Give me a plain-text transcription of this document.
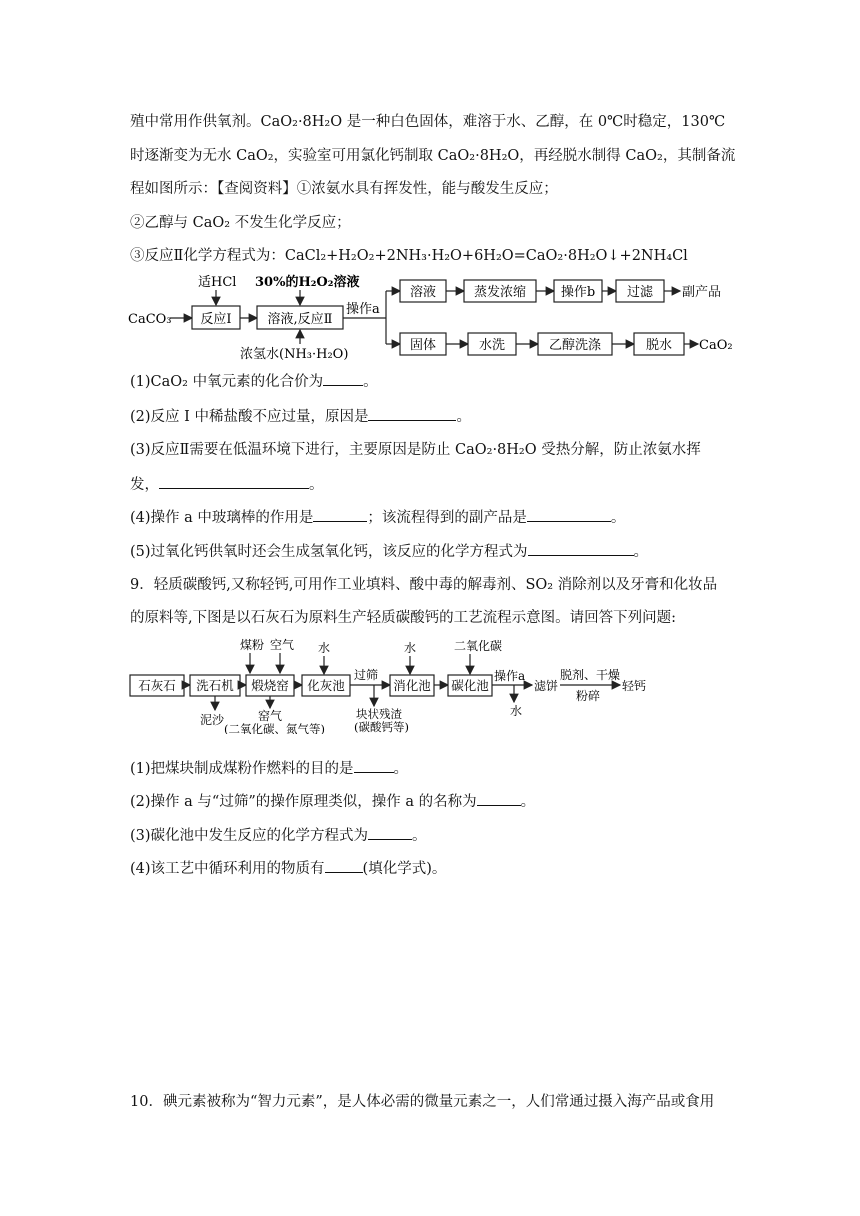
殖中常用作供氧剂。CaO₂·8H₂O 是一种白色固体，难溶于水、乙醇，在 0℃时稳定，130℃
时逐渐变为无水 CaO₂，实验室可用氯化钙制取 CaO₂·8H₂O，再经脱水制得 CaO₂，其制备流
程如图所示：【查阅资料】①浓氨水具有挥发性，能与酸发生反应；
②乙醇与 CaO₂ 不发生化学反应；
③反应Ⅱ化学方程式为：CaCl₂+H₂O₂+2NH₃·H₂O+6H₂O=CaO₂·8H₂O↓+2NH₄Cl
CaCO₃ 反应Ⅰ
适HCl
溶液,反应Ⅱ
30%的H₂O₂溶液
浓氢水(NH₃·H₂O)
操作a
溶液	蒸发浓缩	操作b 过滤 副产品
固体	水洗	乙醇洗涤	脱水 CaO₂
(1)CaO₂ 中氧元素的化合价为	。
(2)反应 I 中稀盐酸不应过量，原因是	。
(3)反应Ⅱ需要在低温环境下进行，主要原因是防止 CaO₂·8H₂O 受热分解，防止浓氨水挥
发，	。
(4)操作 a 中玻璃棒的作用是	；该流程得到的副产品是	。
(5)过氧化钙供氧时还会生成氢氧化钙，该反应的化学方程式为	。
9．轻质碳酸钙,又称轻钙,可用作工业填料、酸中毒的解毒剂、SO₂ 消除剂以及牙膏和化妆品
的原料等,下图是以石灰石为原料生产轻质碳酸钙的工艺流程示意图。请回答下列问题:
煤粉 空气 水	水	二氧化碳
石灰石 洗石机 煅烧窑 化灰池
过筛
块状残渣
(碳酸钙等)
消化池 碳化池
操作a
水
滤饼
脱剂、干燥
粉碎
轻钙
泥沙	窑气
(二氧化碳、氮气等)
(1)把煤块制成煤粉作燃料的目的是	。
(2)操作 a 与“过筛”的操作原理类似，操作 a 的名称为	。
(3)碳化池中发生反应的化学方程式为	。
(4)该工艺中循环利用的物质有	(填化学式)。
10．碘元素被称为“智力元素”，是人体必需的微量元素之一，人们常通过摄入海产品或食用
